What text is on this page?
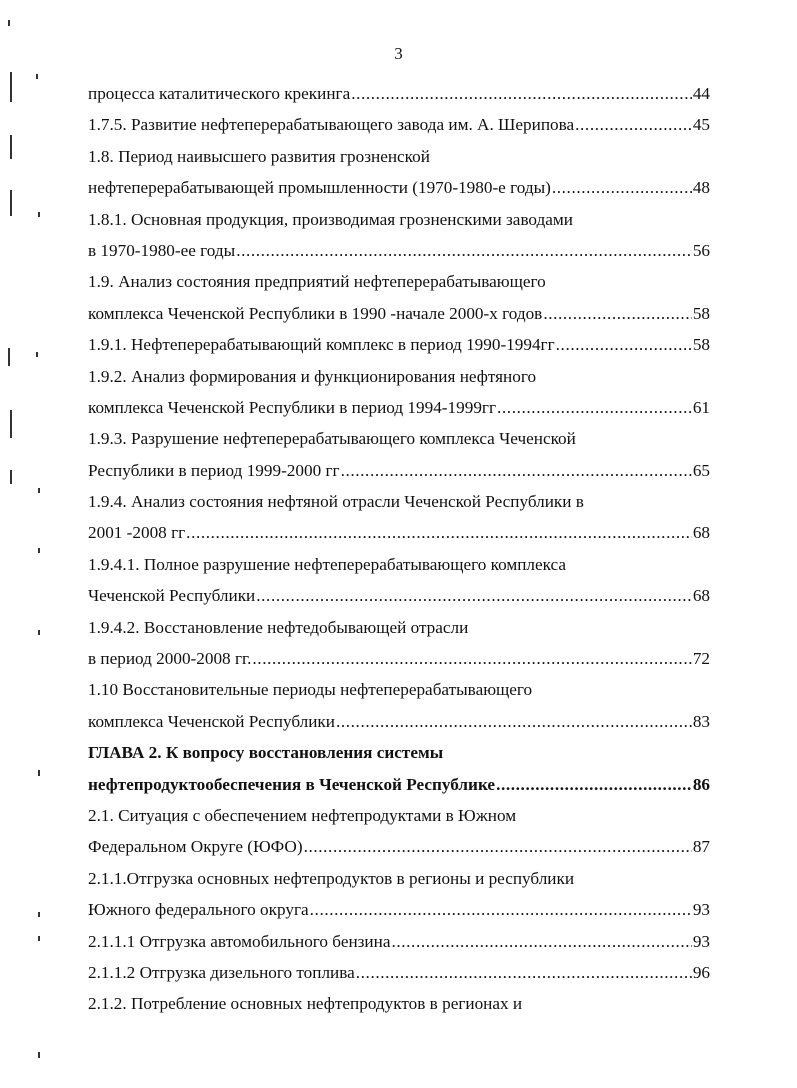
3
процесса каталитического крекинга .....	44
1.7.5. Развитие нефтеперерабатывающего завода им. А. Шерипова .....	45
1.8. Период наивысшего развития грозненской
нефтеперерабатывающей промышленности (1970-1980-е годы) .....	48
1.8.1. Основная продукция, производимая грозненскими заводами
в 1970-1980-ее годы .....	56
1.9. Анализ состояния предприятий нефтеперерабатывающего
комплекса Чеченской Республики в 1990 -начале 2000-х годов .....	58
1.9.1. Нефтеперерабатывающий комплекс в период 1990-1994гг .....	58
1.9.2. Анализ формирования и функционирования нефтяного
комплекса Чеченской Республики в период 1994-1999гг .....	61
1.9.3. Разрушение нефтеперерабатывающего комплекса Чеченской
Республики в период 1999-2000 гг .....	65
1.9.4. Анализ состояния нефтяной отрасли Чеченской Республики в
2001 -2008 гг .....	68
1.9.4.1. Полное разрушение нефтеперерабатывающего комплекса
Чеченской Республики .....	68
1.9.4.2. Восстановление нефтедобывающей отрасли
в период 2000-2008 гг. .....	72
1.10 Восстановительные периоды нефтеперерабатывающего
комплекса Чеченской Республики .....	83
ГЛАВА 2. К вопросу восстановления системы
нефтепродуктообеспечения в Чеченской Республике .....	86
2.1. Ситуация с обеспечением нефтепродуктами в Южном
Федеральном Округе (ЮФО) .....	87
2.1.1.Отгрузка основных нефтепродуктов в регионы и республики
Южного федерального округа .....	93
2.1.1.1 Отгрузка автомобильного бензина .....	93
2.1.1.2 Отгрузка дизельного топлива .....	96
2.1.2. Потребление основных нефтепродуктов в регионах и
